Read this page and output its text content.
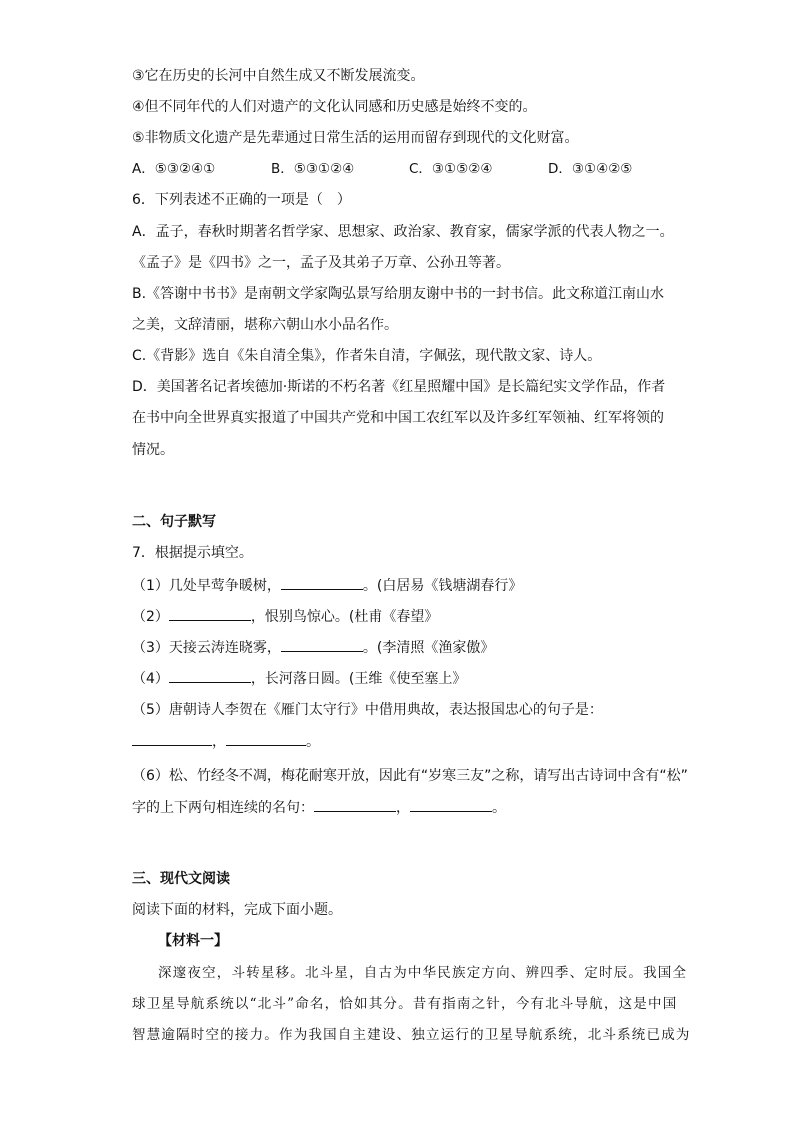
③它在历史的长河中自然生成又不断发展流变。
④但不同年代的人们对遗产的文化认同感和历史感是始终不变的。
⑤非物质文化遗产是先辈通过日常生活的运用而留存到现代的文化财富。
A．⑤③②④①	B．⑤③①②④	C．③①⑤②④	D．③①④②⑤
6．下列表述不正确的一项是（　）
A．孟子，春秋时期著名哲学家、思想家、政治家、教育家，儒家学派的代表人物之一。
《孟子》是《四书》之一，孟子及其弟子万章、公孙丑等著。
B.《答谢中书书》是南朝文学家陶弘景写给朋友谢中书的一封书信。此文称道江南山水
之美，文辞清丽，堪称六朝山水小品名作。
C.《背影》选自《朱自清全集》，作者朱自清，字佩弦，现代散文家、诗人。
D．美国著名记者埃德加·斯诺的不朽名著《红星照耀中国》是长篇纪实文学作品，作者
在书中向全世界真实报道了中国共产党和中国工农红军以及许多红军领袖、红军将领的
情况。
二、句子默写
7．根据提示填空。
（1）几处早莺争暖树，	。(白居易《钱塘湖春行》
（2）	，恨别鸟惊心。(杜甫《春望》
（3）天接云涛连晓雾，	。(李清照《渔家傲》
（4）	，长河落日圆。(王维《使至塞上》
（5）唐朝诗人李贺在《雁门太守行》中借用典故，表达报国忠心的句子是：
，	。
（6）松、竹经冬不凋，梅花耐寒开放，因此有“岁寒三友”之称，请写出古诗词中含有“松”
字的上下两句相连续的名句：	，	。
三、现代文阅读
阅读下面的材料，完成下面小题。
【材料一】
深邃夜空，斗转星移。北斗星，自古为中华民族定方向、辨四季、定时辰。我国全
球卫星导航系统以“北斗”命名，恰如其分。昔有指南之针，今有北斗导航，这是中国
智慧逾隔时空的接力。作为我国自主建设、独立运行的卫星导航系统，北斗系统已成为
